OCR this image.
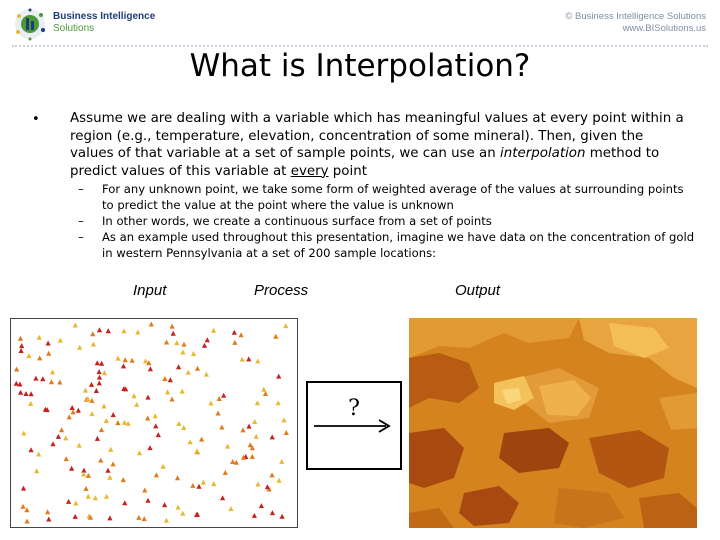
Business Intelligence
Solutions
© Business Intelligence Solutions
www.BISolutions.us
What is Interpolation?
• Assume we are dealing with a variable which has meaningful values at every point within a region (e.g., temperature, elevation, concentration of some mineral). Then, given the values of that variable at a set of sample points, we can use an interpolation method to predict values of this variable at every point
– For any unknown point, we take some form of weighted average of the values at surrounding points to predict the value at the point where the value is unknown
– In other words, we create a continuous surface from a set of points
– As an example used throughout this presentation, imagine we have data on the concentration of gold in western Pennsylvania at a set of 200 sample locations:
Input	Process	Output
?
